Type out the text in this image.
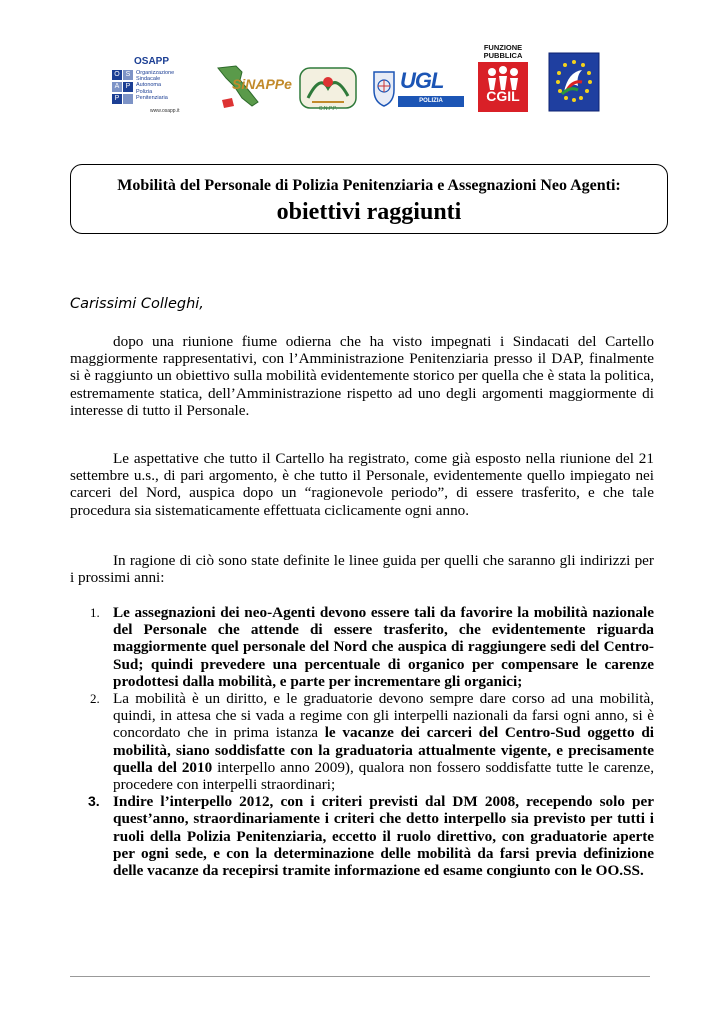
OSAPP
O S
A P
P
Organizzazione
Sindacale
Autonoma
Polizia
Penitenziaria
www.osapp.it
SiNAPPe
C.N.P.P.
UGL
POLIZIA PENITENZIARIA
FUNZIONE
PUBBLICA
CGIL
Mobilità del Personale di Polizia Penitenziaria e Assegnazioni Neo Agenti:
obiettivi raggiunti
Carissimi Colleghi,
dopo una riunione fiume odierna che ha visto impegnati i Sindacati del Cartello maggiormente rappresentativi, con l’Amministrazione Penitenziaria presso il DAP, finalmente si è raggiunto un obiettivo sulla mobilità evidentemente storico per quella che è stata la politica, estremamente statica, dell’Amministrazione rispetto ad uno degli argomenti maggiormente di interesse di tutto il Personale.
Le aspettative che tutto il Cartello ha registrato, come già esposto nella riunione del 21 settembre u.s., di pari argomento, è che tutto il Personale, evidentemente quello impiegato nei carceri del Nord, auspica dopo un “ragionevole periodo”, di essere trasferito, e che tale procedura sia sistematicamente effettuata ciclicamente ogni anno.
In ragione di ciò sono state definite le linee guida per quelli che saranno gli indirizzi per i prossimi anni:
1. Le assegnazioni dei neo-Agenti devono essere tali da favorire la mobilità nazionale del Personale che attende di essere trasferito, che evidentemente riguarda maggiormente quel personale del Nord che auspica di raggiungere sedi del Centro- Sud; quindi prevedere una percentuale di organico per compensare le carenze prodottesi dalla mobilità, e parte per incrementare gli organici;
2. La mobilità è un diritto, e le graduatorie devono sempre dare corso ad una mobilità, quindi, in attesa che si vada a regime con gli interpelli nazionali da farsi ogni anno, si è concordato che in prima istanza le vacanze dei carceri del Centro-Sud oggetto di mobilità, siano soddisfatte con la graduatoria attualmente vigente, e precisamente quella del 2010 interpello anno 2009), qualora non fossero soddisfatte tutte le carenze, procedere con interpelli straordinari;
3. Indire l’interpello 2012, con i criteri previsti dal DM 2008, recependo solo per quest’anno, straordinariamente i criteri che detto interpello sia previsto per tutti i ruoli della Polizia Penitenziaria, eccetto il ruolo direttivo, con graduatorie aperte per ogni sede, e con la determinazione delle mobilità da farsi previa definizione delle vacanze da recepirsi tramite informazione ed esame congiunto con le OO.SS.
